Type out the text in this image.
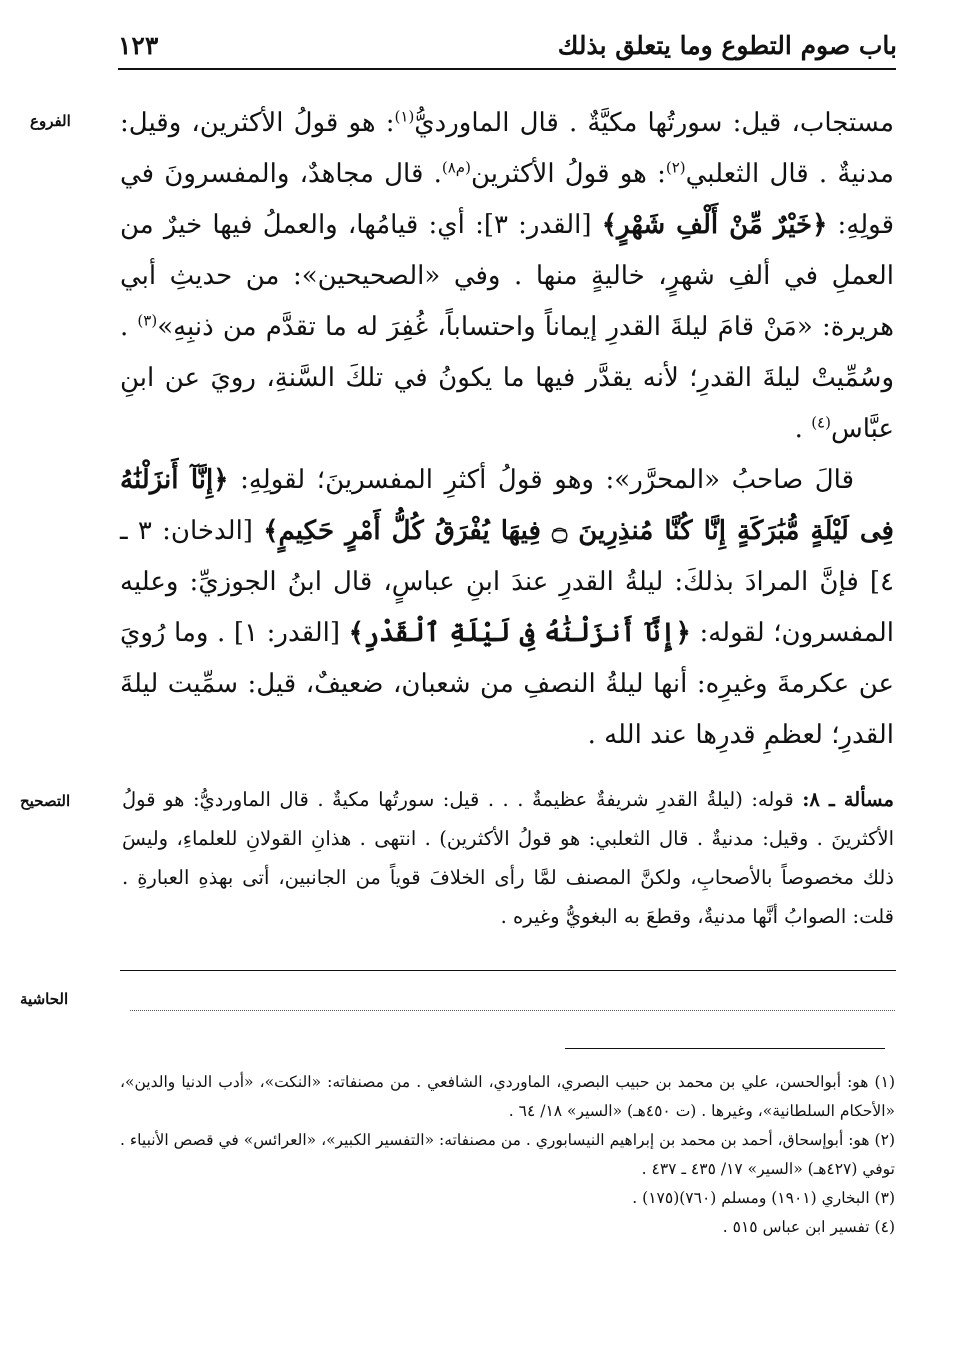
باب صوم التطوع وما يتعلق بذلك
١٢٣
الفروع	مستجاب، قيل: سورتُها مكيَّةٌ . قال الماورديُّ$^{(١)}$: هو قولُ الأكثرين، وقيل: مدنيةٌ . قال الثعلبي$^{(٢)}$: هو قولُ الأكثرين$^{(م٨)}$. قال مجاهدٌ، والمفسرونَ في قولِهِ: ﴿خَيْرٌ مِّنْ أَلْفِ شَهْرٍ﴾ [القدر: ٣]: أي: قيامُها، والعملُ فيها خيرٌ من العملِ في ألفِ شهرٍ، خاليةٍ منها . وفي «الصحيحين»: من حديثِ أبي هريرة: «مَنْ قامَ ليلةَ القدرِ إيماناً واحتساباً، غُفِرَ له ما تقدَّم من ذنبِهِ»$^{(٣)}$ . وسُمِّيتْ ليلةَ القدرِ؛ لأنه يقدَّر فيها ما يكونُ في تلكَ السَّنةِ، رويَ عن ابنِ عبَّاس$^{(٤)}$ .

قالَ صاحبُ «المحرَّر»: وهو قولُ أكثرِ المفسرينَ؛ لقولِهِ: ﴿إِنَّآ أَنزَلْنَٰهُ فِى لَيْلَةٍ مُّبَٰرَكَةٍ إِنَّا كُنَّا مُنذِرِينَ ۝ فِيهَا يُفْرَقُ كُلُّ أَمْرٍ حَكِيمٍ﴾ [الدخان: ٣ ـ ٤] فإنَّ المرادَ بذلكَ: ليلةُ القدرِ عندَ ابنِ عباسٍ، قال ابنُ الجوزيِّ: وعليه المفسرون؛ لقوله: ﴿إِنَّآ أَنزَلْنَٰهُ فِى لَيْلَةِ ٱلْقَدْرِ﴾ [القدر: ١] . وما رُويَ عن عكرمةَ وغيرِه: أنها ليلةُ النصفِ من شعبان، ضعيفٌ، قيل: سمِّيت ليلةَ القدرِ؛ لعظمِ قدرِها عند الله .

التصحيح	مسألة ـ ٨: قوله: (ليلةُ القدرِ شريفةٌ عظيمةٌ . . . قيل: سورتُها مكيةٌ . قال الماورديُّ: هو قولُ الأكثرينَ . وقيل: مدنيةٌ . قال الثعلبي: هو قولُ الأكثرين) . انتهى . هذانِ القولانِ للعلماءِ، وليسَ ذلك مخصوصاً بالأصحابِ، ولكنَّ المصنف لمَّا رأى الخلافَ قوياً من الجانبين، أتى بهذهِ العبارةِ . قلت: الصوابُ أنَّها مدنيةٌ، وقطعَ به البغويُّ وغيره .

الحاشية

(١) هو: أبوالحسن، علي بن محمد بن حبيب البصري، الماوردي، الشافعي . من مصنفاته: «النكت»، «أدب الدنيا والدين»، «الأحكام السلطانية»، وغيرها . (ت ٤٥٠هـ) «السير» ١٨/ ٦٤ .

(٢) هو: أبوإسحاق، أحمد بن محمد بن إبراهيم النيسابوري . من مصنفاته: «التفسير الكبير»، «العرائس» في قصص الأنبياء . توفي (٤٢٧هـ) «السير» ١٧/ ٤٣٥ ـ ٤٣٧ .

(٣) البخاري (١٩٠١) ومسلم (٧٦٠)(١٧٥) .

(٤) تفسير ابن عباس ٥١٥ .
